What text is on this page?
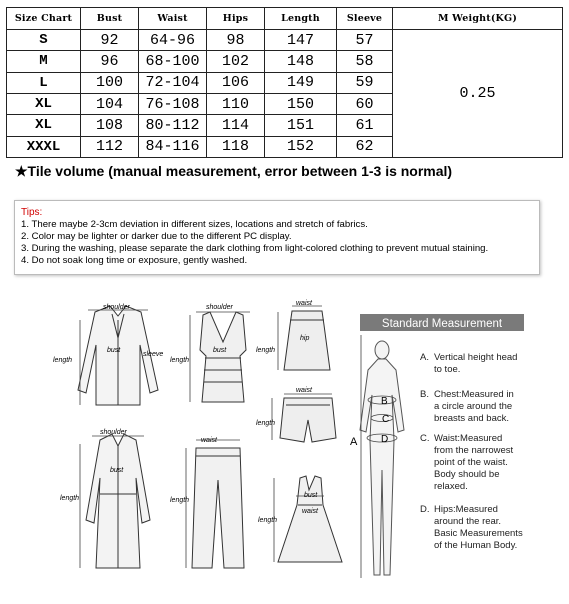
Size Chart	Bust	Waist	Hips	Length	Sleeve	M Weight(KG)
S	92	64-96	98	147	57	0.25
M	96	68-100	102	148	58	
L	100	72-104	106	149	59	
XL	104	76-108	110	150	60	
XL	108	80-112	114	151	61	
XXXL	112	84-116	118	152	62	
★Tile volume (manual measurement, error between 1-3 is normal)
Tips:
1. There maybe 2-3cm deviation in different sizes, locations and stretch of fabrics.
2. Color may be lighter or darker due to the different PC display.
3. During the washing, please separate the dark clothing from light-colored clothing to prevent mutual staining.
4. Do not soak long time or exposure, gently washed.
shoulder
bust
sleeve
length
shoulder
bust
length
waist
hip
length
waist
length
shoulder
bust
length
waist
length
bust
waist
length
Standard Measurement
A
B
C
D
A. Vertical height head
to toe.
B. Chest:Measured in
a circle around the
breasts and back.
C. Waist:Measured
from the narrowest
point of the waist.
Body should be
relaxed.
D. Hips:Measured
around the rear.
Basic Measurements
of the Human Body.
